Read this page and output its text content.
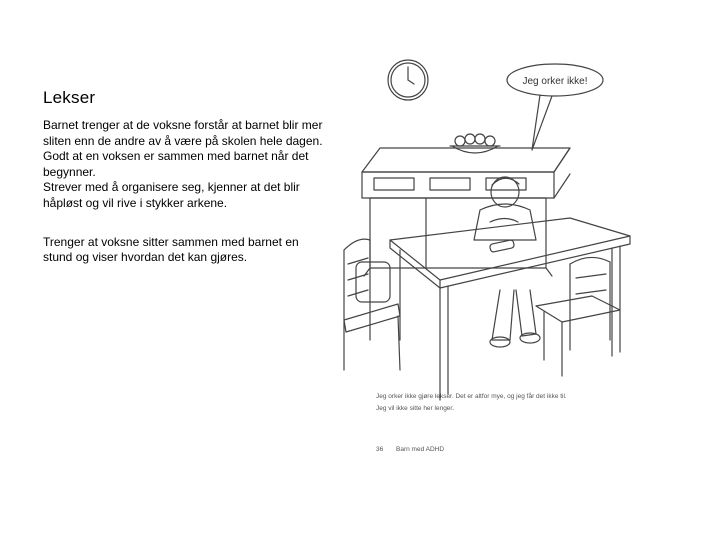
Lekser

Barnet trenger at de voksne forstår at barnet blir mer sliten enn de andre av å være på skolen hele dagen.

Godt at en voksen er sammen med barnet når det begynner.

Strever med å organisere seg, kjenner at det blir håpløst og vil rive i stykker arkene.

Trenger at voksne sitter sammen med barnet en stund og viser hvordan det kan gjøres.

Jeg orker ikke!
Jeg orker ikke gjøre lekser. Det er altfor mye, og jeg får det ikke til.
Jeg vil ikke sitte her lenger.
36 Barn med ADHD
